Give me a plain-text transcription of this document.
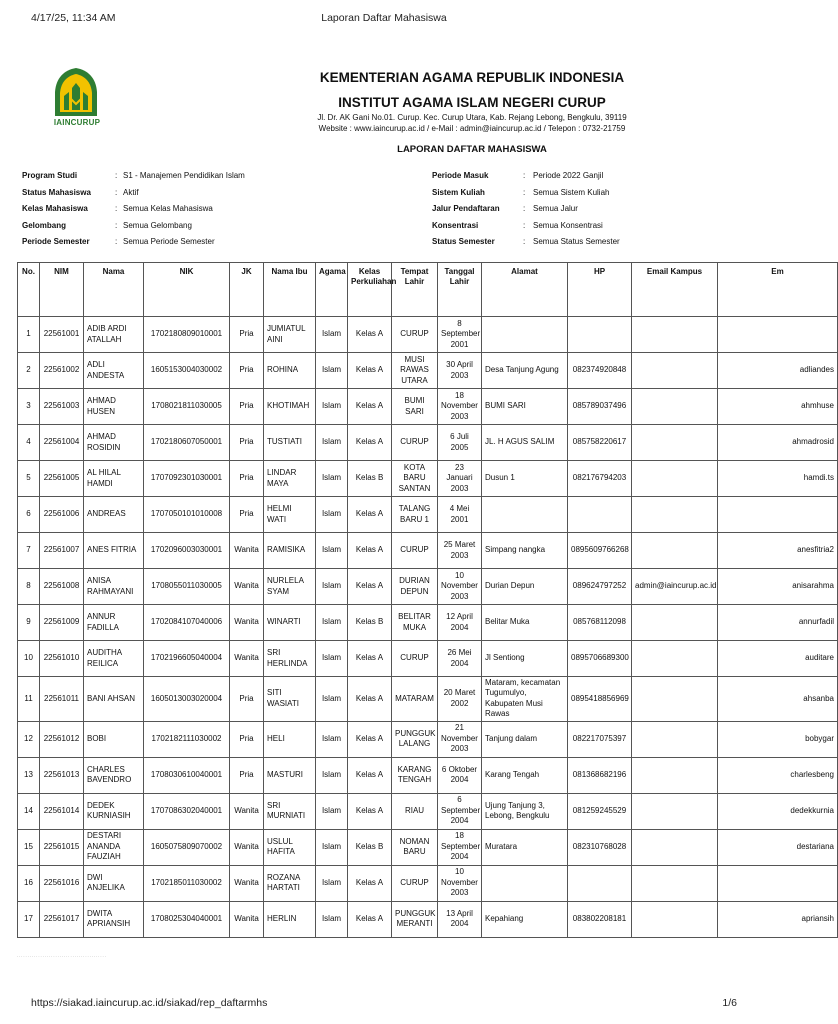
4/17/25, 11:34 AM	Laporan Daftar Mahasiswa
IAINCURUP
KEMENTERIAN AGAMA REPUBLIK INDONESIA
INSTITUT AGAMA ISLAM NEGERI CURUP
Jl. Dr. AK Gani No.01. Curup. Kec. Curup Utara, Kab. Rejang Lebong, Bengkulu, 39119
Website : www.iaincurup.ac.id / e-Mail : admin@iaincurup.ac.id / Telepon : 0732-21759
LAPORAN DAFTAR MAHASISWA
Program Studi	: S1 - Manajemen Pendidikan Islam
Status Mahasiswa	: Aktif
Kelas Mahasiswa	: Semua Kelas Mahasiswa
Gelombang	: Semua Gelombang
Periode Semester	: Semua Periode Semester
Periode Masuk	: Periode 2022 Ganjil
Sistem Kuliah	: Semua Sistem Kuliah
Jalur Pendaftaran	: Semua Jalur
Konsentrasi	: Semua Konsentrasi
Status Semester	: Semua Status Semester
No.	NIM	Nama	NIK	JK	Nama Ibu	Agama	Kelas Perkuliahan	Tempat Lahir	Tanggal Lahir	Alamat	HP	Email Kampus	Em
1	22561001	ADIB ARDI ATALLAH	1702180809010001	Pria	JUMIATUL AINI	Islam	Kelas A	CURUP	8 September 2001				
2	22561002	ADLI ANDESTA	1605153004030002	Pria	ROHINA	Islam	Kelas A	MUSI RAWAS UTARA	30 April 2003	Desa Tanjung Agung	082374920848		adliandes
3	22561003	AHMAD HUSEN	1708021811030005	Pria	KHOTIMAH	Islam	Kelas A	BUMI SARI	18 November 2003	BUMI SARI	085789037496		ahmhuse
4	22561004	AHMAD ROSIDIN	1702180607050001	Pria	TUSTIATI	Islam	Kelas A	CURUP	6 Juli 2005	JL. H AGUS SALIM	085758220617		ahmadrosid
5	22561005	AL HILAL HAMDI	1707092301030001	Pria	LINDAR MAYA	Islam	Kelas B	KOTA BARU SANTAN	23 Januari 2003	Dusun 1	082176794203		hamdi.ts
6	22561006	ANDREAS	1707050101010008	Pria	HELMI WATI	Islam	Kelas A	TALANG BARU 1	4 Mei 2001				
7	22561007	ANES FITRIA	1702096003030001	Wanita	RAMISIKA	Islam	Kelas A	CURUP	25 Maret 2003	Simpang nangka	0895609766268		anesfitria2
8	22561008	ANISA RAHMAYANI	1708055011030005	Wanita	NURLELA SYAM	Islam	Kelas A	DURIAN DEPUN	10 November 2003	Durian Depun	089624797252	admin@iaincurup.ac.id	anisarahma
9	22561009	ANNUR FADILLA	1702084107040006	Wanita	WINARTI	Islam	Kelas B	BELITAR MUKA	12 April 2004	Belitar Muka	085768112098		annurfadil
10	22561010	AUDITHA REILICA	1702196605040004	Wanita	SRI HERLINDA	Islam	Kelas A	CURUP	26 Mei 2004	Jl Sentiong	0895706689300		auditare
11	22561011	BANI AHSAN	1605013003020004	Pria	SITI WASIATI	Islam	Kelas A	MATARAM	20 Maret 2002	Mataram, kecamatan Tugumulyo, Kabupaten Musi Rawas	0895418856969		ahsanba
12	22561012	BOBI	1702182111030002	Pria	HELI	Islam	Kelas A	PUNGGUK LALANG	21 November 2003	Tanjung dalam	082217075397		bobygar
13	22561013	CHARLES BAVENDRO	1708030610040001	Pria	MASTURI	Islam	Kelas A	KARANG TENGAH	6 Oktober 2004	Karang Tengah	081368682196		charlesbeng
14	22561014	DEDEK KURNIASIH	1707086302040001	Wanita	SRI MURNIATI	Islam	Kelas A	RIAU	6 September 2004	Ujung Tanjung 3, Lebong, Bengkulu	081259245529		dedekkurnia
15	22561015	DESTARI ANANDA FAUZIAH	1605075809070002	Wanita	USLUL HAFITA	Islam	Kelas B	NOMAN BARU	18 September 2004	Muratara	082310768028		destariana
16	22561016	DWI ANJELIKA	1702185011030002	Wanita	ROZANA HARTATI	Islam	Kelas A	CURUP	10 November 2003				
17	22561017	DWITA APRIANSIH	1708025304040001	Wanita	HERLIN	Islam	Kelas A	PUNGGUK MERANTI	13 April 2004	Kepahiang	083802208181		apriansih
· · · · · · · · · · · · · · · · · · · · · · · · · · · · · · · · · · · · · · · · · ·
https://siakad.iaincurup.ac.id/siakad/rep_daftarmhs	1/6
